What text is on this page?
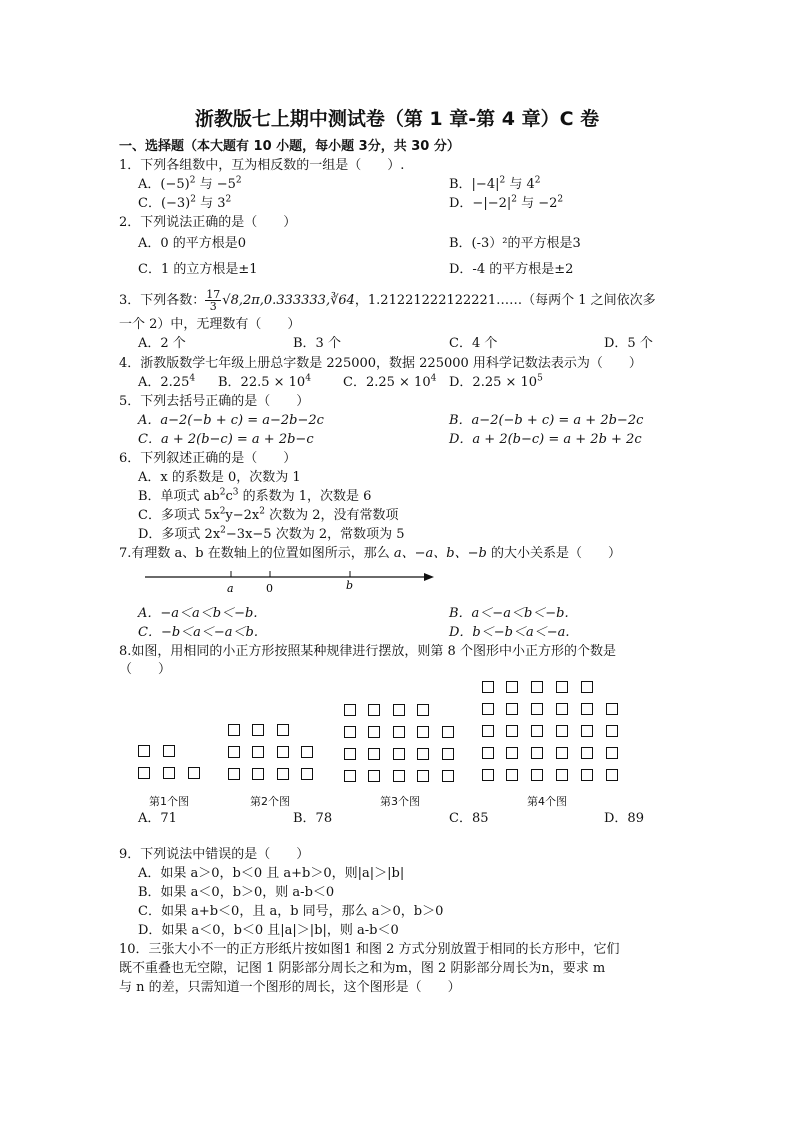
浙教版七上期中测试卷（第 1 章-第 4 章）C 卷
一、选择题（本大题有 10 小题，每小题 3分，共 30 分）
1．下列各组数中，互为相反数的一组是（　　）.
A．$(-5)^2$ 与 $-5^2$	B．$|-4|^2$ 与 $4^2$
C．$(-3)^2$ 与 $3^2$	D．$-|-2|^2$ 与 $-2^2$
2．下列说法正确的是（　　）
A．0 的平方根是0	B．(-3）²的平方根是3
C．1 的立方根是±1	D．-4 的平方根是±2
3．下列各数： $\frac{17}{3}$ √8,2π,0.333333,∛64，1.21221222122221……（每两个 1 之间依次多
一个 2）中，无理数有（　　）
A．2 个	B．3 个	C．4 个	D．5 个
4．浙教版数学七年级上册总字数是 225000，数据 225000 用科学记数法表示为（　　）
A．2.25$^4$ B．$22.5 \times 10^4$ C．$2.25 \times 10^4$ D．$2.25 \times 10^5$
5．下列去括号正确的是（　　）
A．a−2(−b + c) = a−2b−2c	B．a−2(−b + c) = a + 2b−2c
C．a + 2(b−c) = a + 2b−c	D．a + 2(b−c) = a + 2b + 2c
6．下列叙述正确的是（　　）
A．x 的系数是 0，次数为 1
B．单项式 $ab^2c^3$ 的系数为 1，次数是 6
C．多项式 $5x^2y-2x^2$ 次数为 2，没有常数项
D．多项式 $2x^2-3x-5$ 次数为 2，常数项为 5
7.有理数 a、b 在数轴上的位置如图所示，那么 a、−a、b、−b 的大小关系是（　　）
a	0	b
A．−a＜a＜b＜−b.	B．a＜−a＜b＜−b.
C．−b＜a＜−a＜b.	D．b＜−b＜a＜−a.
8.如图，用相同的小正方形按照某种规律进行摆放，则第 8 个图形中小正方形的个数是
（　　）
第1个图	第2个图	第3个图	第4个图
A．71	B．78	C．85	D．89
9．下列说法中错误的是（　　）
A．如果 a＞0，b＜0 且 a+b＞0，则|a|＞|b|
B．如果 a＜0，b＞0，则 a-b＜0
C．如果 a+b＜0，且 a，b 同号，那么 a＞0，b＞0
D．如果 a＜0，b＜0 且|a|＞|b|，则 a-b＜0
10．三张大小不一的正方形纸片按如图1 和图 2 方式分别放置于相同的长方形中，它们
既不重叠也无空隙，记图 1 阴影部分周长之和为m，图 2 阴影部分周长为n，要求 m
与 n 的差，只需知道一个图形的周长，这个图形是（　　）
